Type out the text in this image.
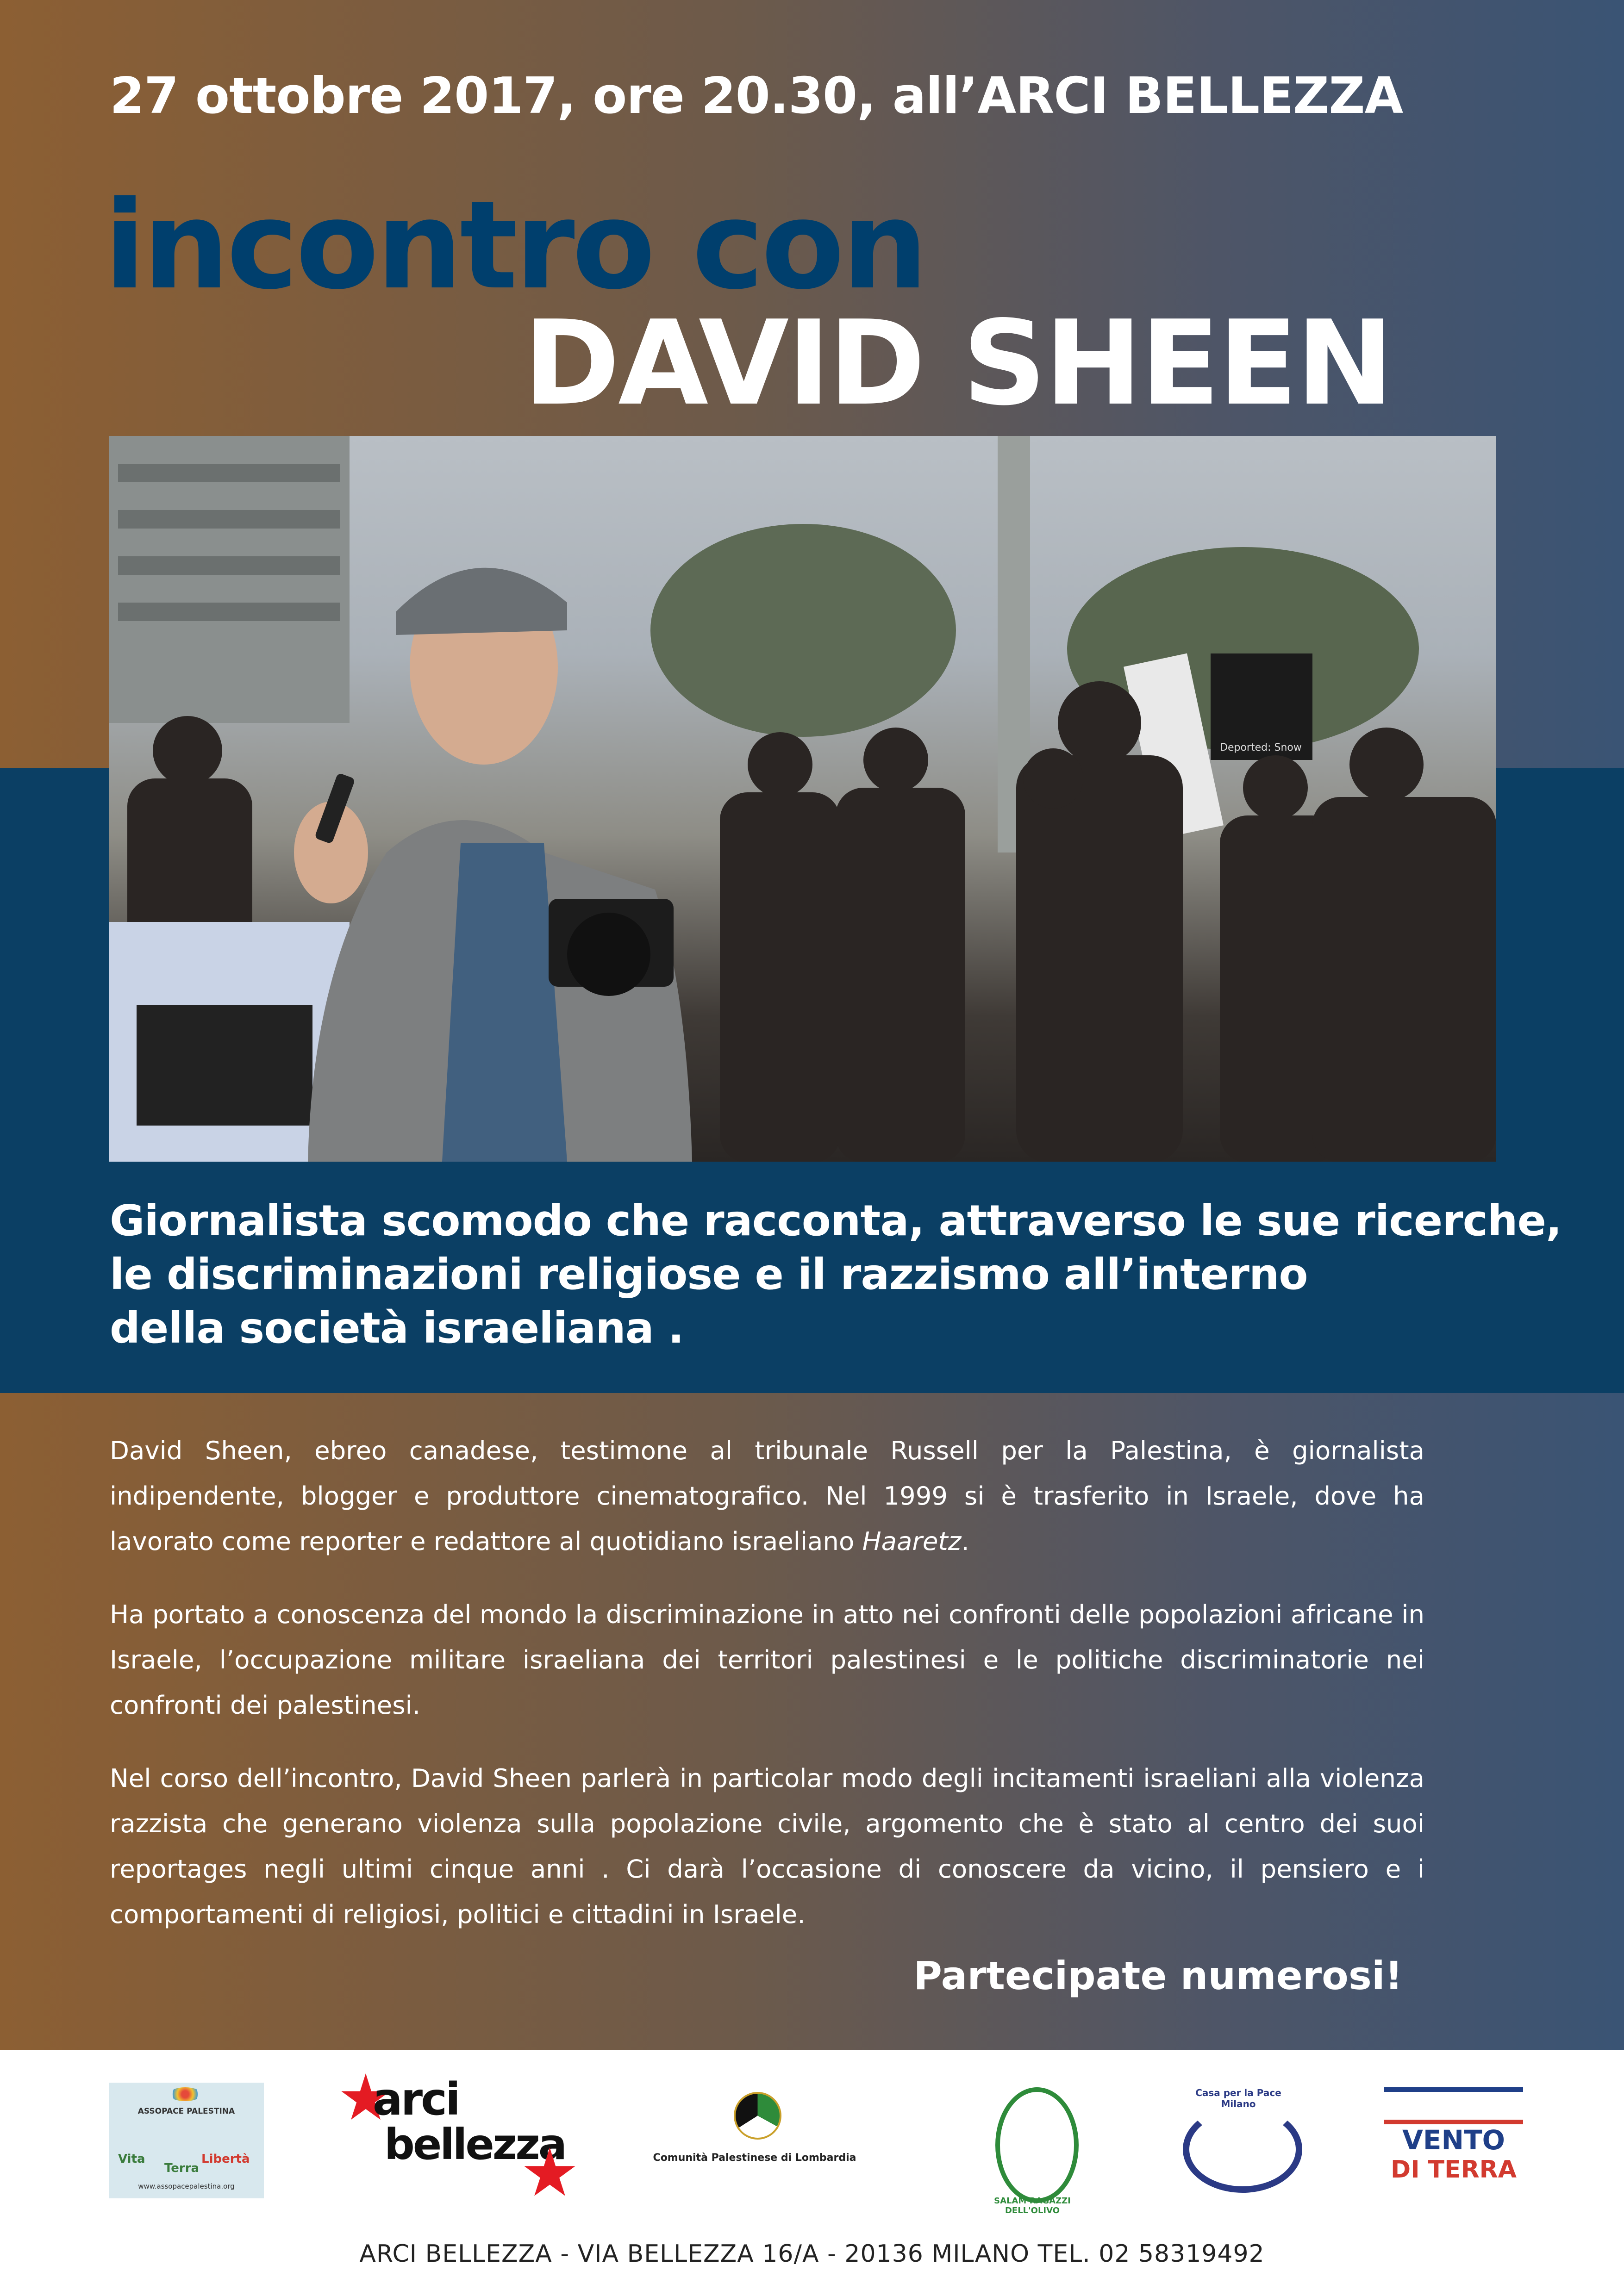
27 ottobre 2017, ore 20.30, all’ARCI BELLEZZA
incontro con
DAVID SHEEN
Deported: Snow
Giornalista scomodo che racconta, attraverso le sue ricerche,
le discriminazioni religiose e il razzismo all’interno
della società israeliana .

David Sheen, ebreo canadese, testimone al tribunale Russell per la Palestina, è giornalista indipendente, blogger e produttore cinematografico. Nel 1999 si è trasferito in Israele, dove ha lavorato come reporter e redattore al quotidiano israeliano Haaretz.

Ha portato a conoscenza del mondo la discriminazione in atto nei confronti delle popolazioni africane in Israele, l’occupazione militare israeliana dei territori palestinesi e le politiche discriminatorie nei confronti dei palestinesi.

Nel corso dell’incontro, David Sheen parlerà in particolar modo degli incitamenti israeliani alla violenza razzista che generano violenza sulla popolazione civile, argomento che è stato al centro dei suoi reportages negli ultimi cinque anni . Ci darà l’occasione di conoscere da vicino, il pensiero e i comportamenti di religiosi, politici e cittadini in Israele.

Partecipate numerosi!
ASSOPACE PALESTINA
Vita
Terra
Libertà
www.assopacepalestina.org
arci
bellezza	Comunità Palestinese di Lombardia
SALAM RAGAZZI DELL'OLIVO
Casa per la Pace Milano
VENTO
DI TERRA
ARCI BELLEZZA - VIA BELLEZZA 16/A - 20136 MILANO TEL. 02 58319492
